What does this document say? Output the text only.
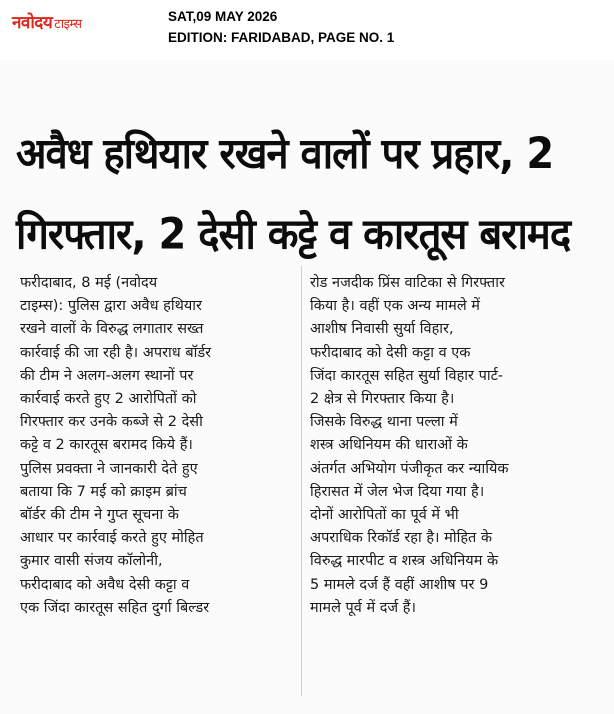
नवोदय टाइम्स
SAT,09 MAY 2026
EDITION: FARIDABAD, PAGE NO. 1
अवैध हथियार रखने वालों पर प्रहार, 2
गिरफ्तार, 2 देसी कट्टे व कारतूस बरामद

फरीदाबाद, 8 मई (नवोदय

टाइम्स): पुलिस द्वारा अवैध हथियार

रखने वालों के विरुद्ध लगातार सख्त

कार्रवाई की जा रही है। अपराध बॉर्डर

की टीम ने अलग-अलग स्थानों पर

कार्रवाई करते हुए 2 आरोपितों को

गिरफ्तार कर उनके कब्जे से 2 देसी

कट्टे व 2 कारतूस बरामद किये हैं।

पुलिस प्रवक्ता ने जानकारी देते हुए

बताया कि 7 मई को क्राइम ब्रांच

बॉर्डर की टीम ने गुप्त सूचना के

आधार पर कार्रवाई करते हुए मोहित

कुमार वासी संजय कॉलोनी,

फरीदाबाद को अवैध देसी कट्टा व

एक जिंदा कारतूस सहित दुर्गा बिल्डर

रोड नजदीक प्रिंस वाटिका से गिरफ्तार

किया है। वहीं एक अन्य मामले में

आशीष निवासी सुर्या विहार,

फरीदाबाद को देसी कट्टा व एक

जिंदा कारतूस सहित सुर्या विहार पार्ट-

2 क्षेत्र से गिरफ्तार किया है।

जिसके विरुद्ध थाना पल्ला में

शस्त्र अधिनियम की धाराओं के

अंतर्गत अभियोग पंजीकृत कर न्यायिक

हिरासत में जेल भेज दिया गया है।

दोनों आरोपितों का पूर्व में भी

अपराधिक रिकॉर्ड रहा है। मोहित के

विरुद्ध मारपीट व शस्त्र अधिनियम के

5 मामले दर्ज हैं वहीं आशीष पर 9

मामले पूर्व में दर्ज हैं।
